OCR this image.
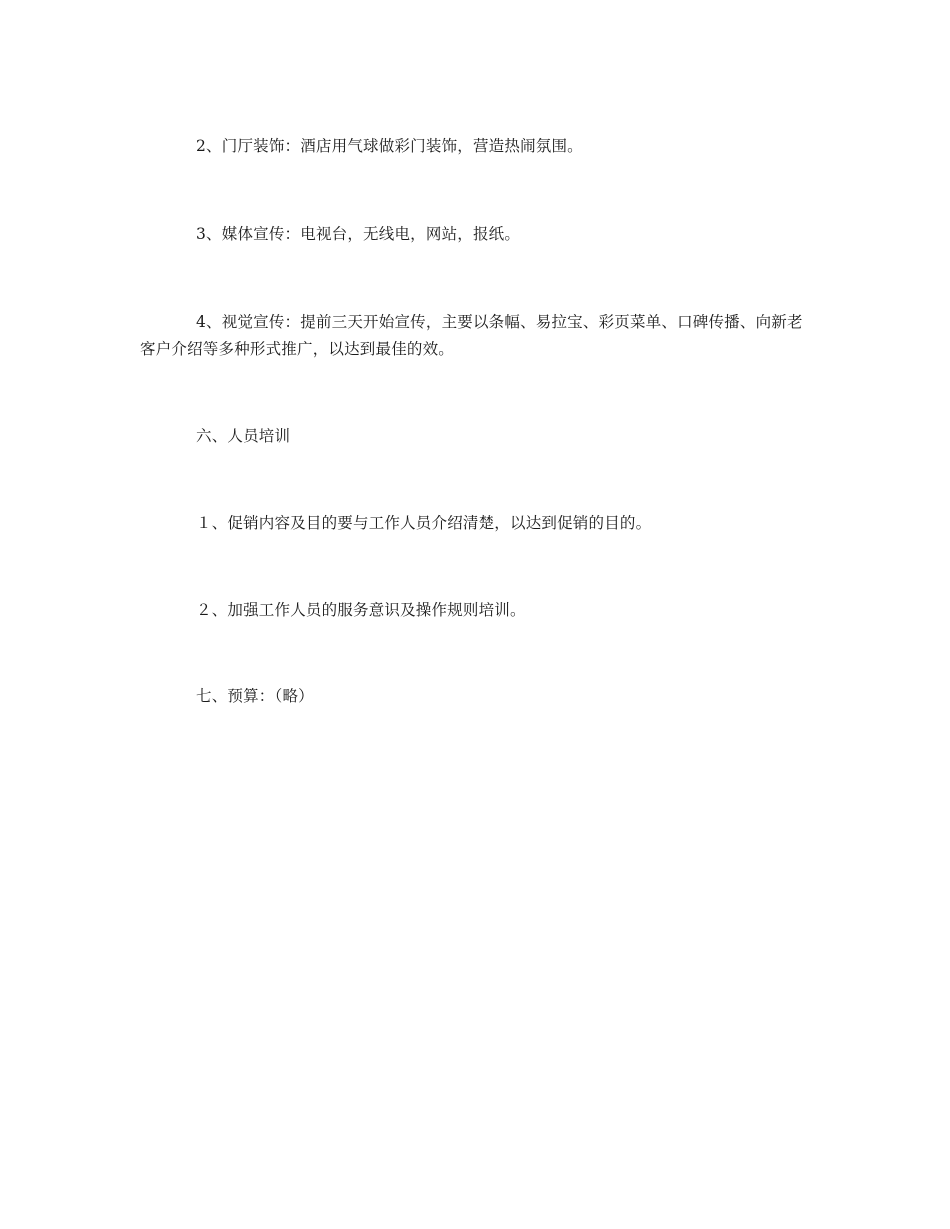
2、门厅装饰：酒店用气球做彩门装饰，营造热闹氛围。

3、媒体宣传：电视台，无线电，网站，报纸。

4、视觉宣传：提前三天开始宣传，主要以条幅、易拉宝、彩页菜单、口碑传播、向新老客户介绍等多种形式推广，以达到最佳的效。

六、人员培训

１、促销内容及目的要与工作人员介绍清楚，以达到促销的目的。

２、加强工作人员的服务意识及操作规则培训。

七、预算：（略）
